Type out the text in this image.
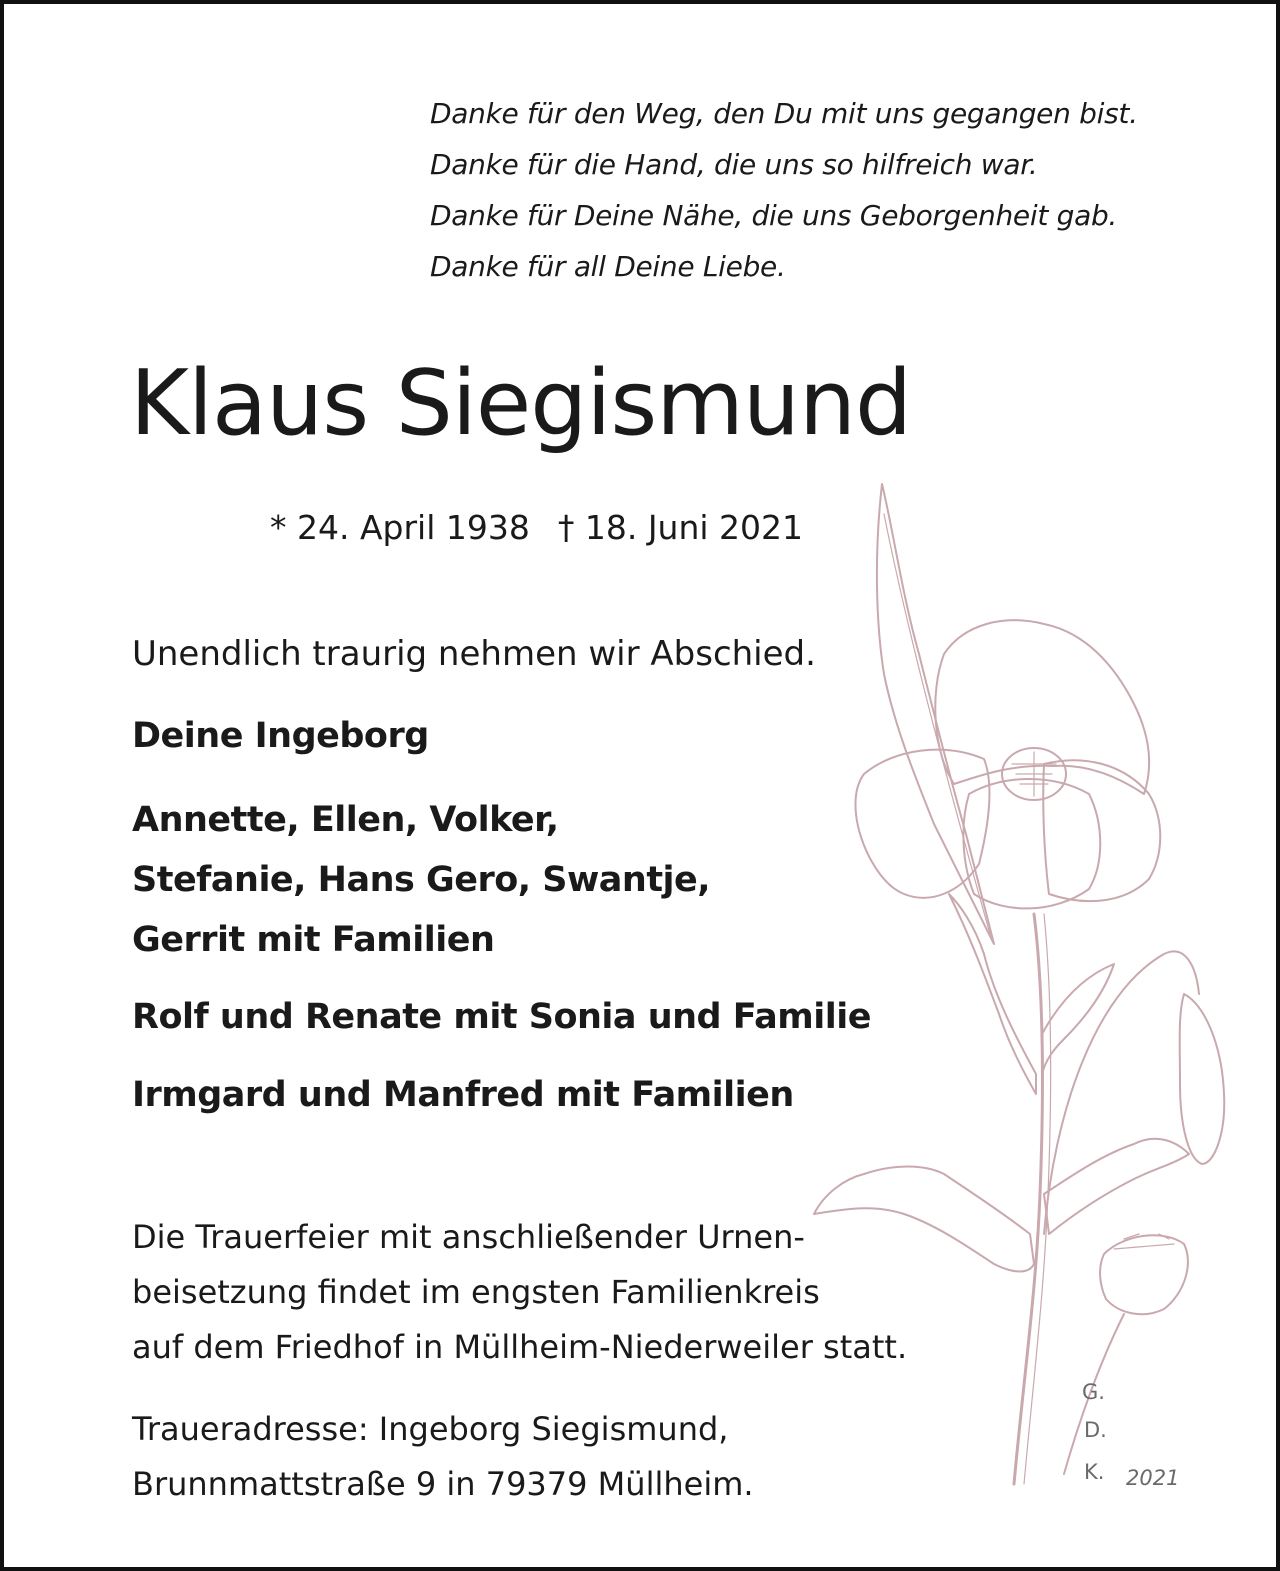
G.
D.
K. 2021
Danke für den Weg, den Du mit uns gegangen bist.
Danke für die Hand, die uns so hilfreich war.
Danke für Deine Nähe, die uns Geborgenheit gab.
Danke für all Deine Liebe.
Klaus Siegismund
* 24. April 1938 † 18. Juni 2021
Unendlich traurig nehmen wir Abschied.
Deine Ingeborg
Annette, Ellen, Volker,
Stefanie, Hans Gero, Swantje,
Gerrit mit Familien
Rolf und Renate mit Sonia und Familie
Irmgard und Manfred mit Familien
Die Trauerfeier mit anschließender Urnen-
beisetzung findet im engsten Familienkreis
auf dem Friedhof in Müllheim-Niederweiler statt.
Traueradresse: Ingeborg Siegismund,
Brunnmattstraße 9 in 79379 Müllheim.
